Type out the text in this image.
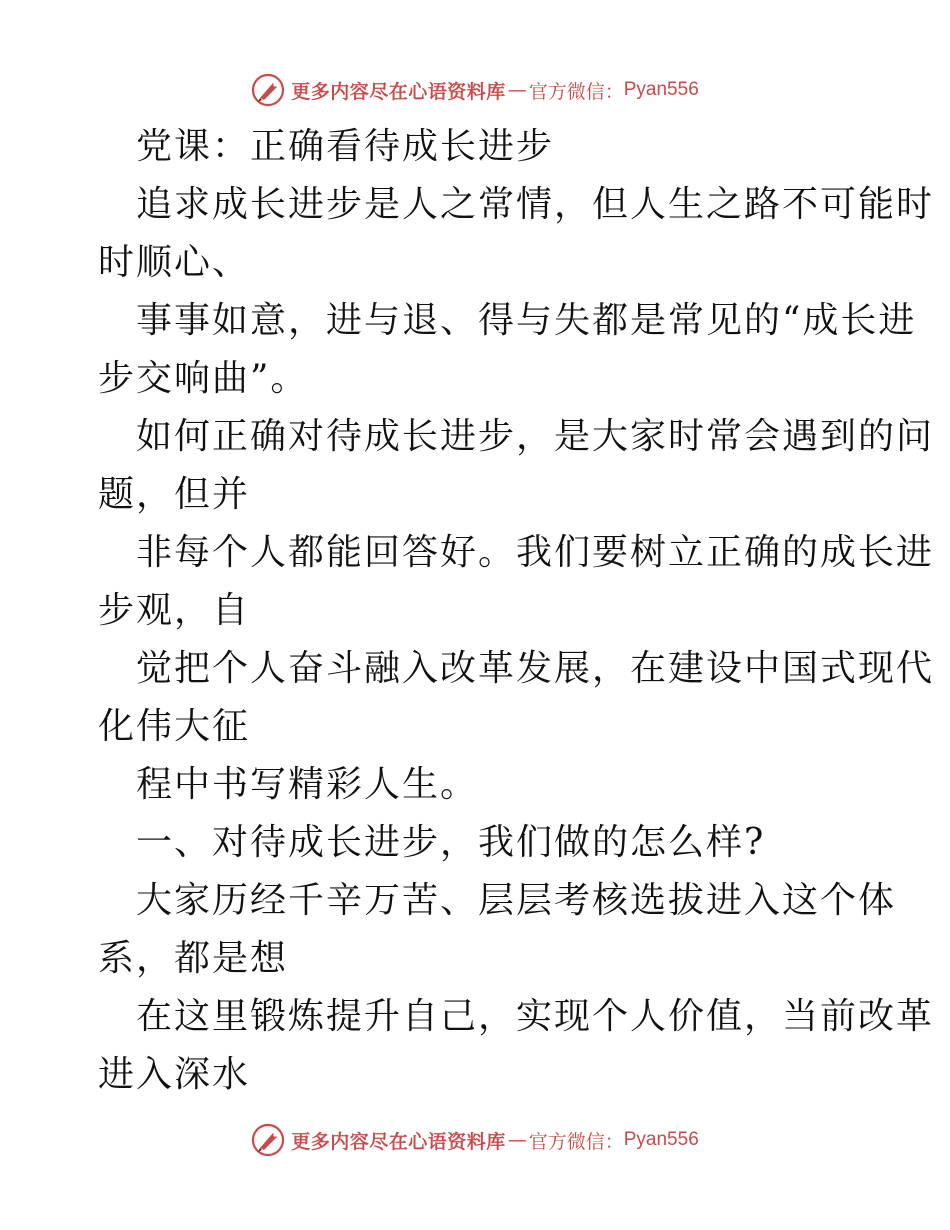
更多内容尽在心语资料库 — 官方微信： Pyan556
党课：正确看待成长进步
追求成长进步是人之常情，但人生之路不可能时
时顺心、
事事如意，进与退、得与失都是常见的“成长进
步交响曲”。
如何正确对待成长进步，是大家时常会遇到的问
题，但并
非每个人都能回答好。我们要树立正确的成长进
步观，自
觉把个人奋斗融入改革发展，在建设中国式现代
化伟大征
程中书写精彩人生。
一、对待成长进步，我们做的怎么样?
大家历经千辛万苦、层层考核选拔进入这个体
系，都是想
在这里锻炼提升自己，实现个人价值，当前改革
进入深水
更多内容尽在心语资料库 — 官方微信： Pyan556
